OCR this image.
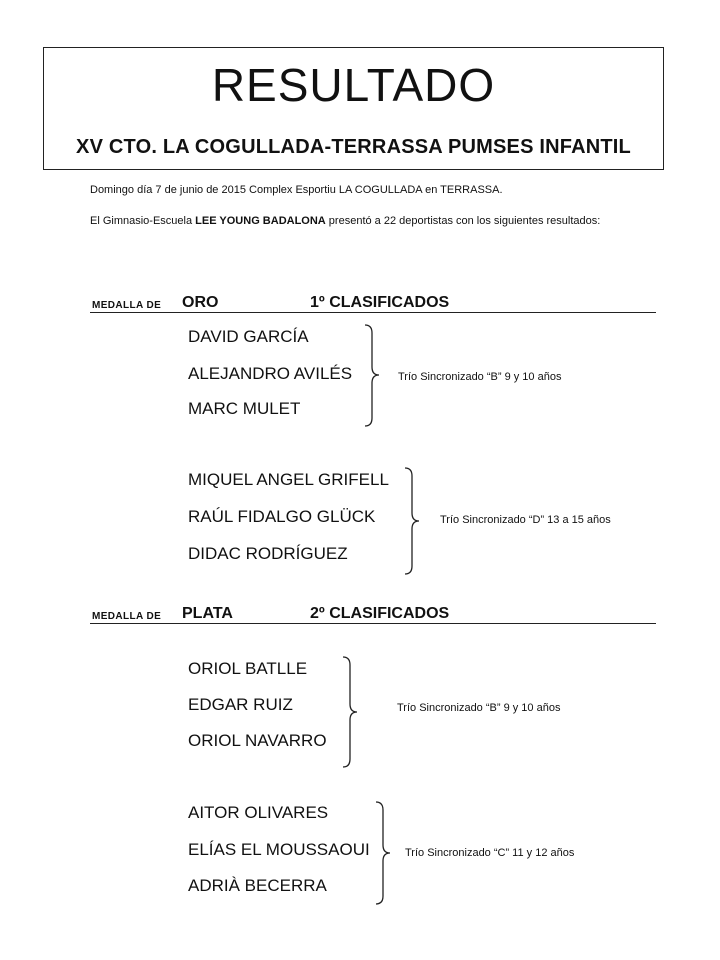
RESULTADO
XV CTO. LA COGULLADA-TERRASSA PUMSES INFANTIL
Domingo día 7 de junio de 2015 Complex Esportiu LA COGULLADA en TERRASSA.
El Gimnasio-Escuela LEE YOUNG BADALONA presentó a 22 deportistas con los siguientes resultados:
MEDALLA DE ORO	1º CLASIFICADOS
DAVID GARCÍA
ALEJANDRO AVILÉS
MARC MULET
Trío Sincronizado “B” 9 y 10 años
MIQUEL ANGEL GRIFELL
RAÚL FIDALGO GLÜCK
DIDAC RODRÍGUEZ
Trío Sincronizado “D” 13 a 15 años
MEDALLA DE PLATA	2º CLASIFICADOS
ORIOL BATLLE
EDGAR RUIZ
ORIOL NAVARRO
Trío Sincronizado “B” 9 y 10 años
AITOR OLIVARES
ELÍAS EL MOUSSAOUI
ADRIÀ BECERRA
Trío Sincronizado “C” 11 y 12 años
